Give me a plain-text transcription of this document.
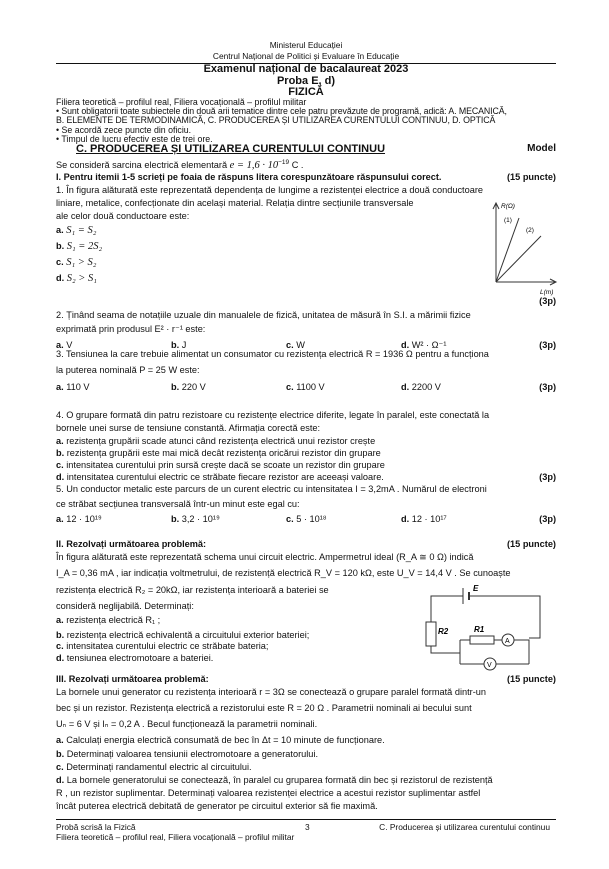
Ministerul Educației
Centrul Național de Politici și Evaluare în Educație
Examenul național de bacalaureat 2023
Proba E, d)
FIZICĂ
Filiera teoretică – profilul real, Filiera vocațională – profilul militar
• Sunt obligatorii toate subiectele din două arii tematice dintre cele patru prevăzute de programă, adică: A. MECANICĂ,
B. ELEMENTE DE TERMODINAMICĂ, C. PRODUCEREA ȘI UTILIZAREA CURENTULUI CONTINUU, D. OPTICĂ
• Se acordă zece puncte din oficiu.
• Timpul de lucru efectiv este de trei ore.
C. PRODUCEREA ȘI UTILIZAREA CURENTULUI CONTINUU	Model
Se consideră sarcina electrică elementară $e = 1,6 \cdot 10^{-19}$ C .
I. Pentru itemii 1-5 scrieți pe foaia de răspuns litera corespunzătoare răspunsului corect.	(15 puncte)
1. În figura alăturată este reprezentată dependența de lungime a rezistenței electrice a două conductoare
liniare, metalice, confecționate din același material. Relația dintre secțiunile transversale
ale celor două conductoare este:
a. S₁ = S₂
b. S₁ = 2S₂
c. S₁ > S₂
d. S₂ > S₁
R(Ω)
(1)
(2)
L(m)
(3p)
2. Ținând seama de notațiile uzuale din manualele de fizică, unitatea de măsură în S.I. a mărimii fizice
exprimată prin produsul E² · r⁻¹ este:
a. V	b. J	c. W	d. W² · Ω⁻¹	(3p)
3. Tensiunea la care trebuie alimentat un consumator cu rezistența electrică R = 1936 Ω pentru a funcționa
la puterea nominală P = 25 W este:
a. 110 V	b. 220 V	c. 1100 V	d. 2200 V	(3p)
4. O grupare formată din patru rezistoare cu rezistențe electrice diferite, legate în paralel, este conectată la
bornele unei surse de tensiune constantă. Afirmația corectă este:
a. rezistența grupării scade atunci când rezistența electrică unui rezistor crește
b. rezistența grupării este mai mică decât rezistența oricărui rezistor din grupare
c. intensitatea curentului prin sursă crește dacă se scoate un rezistor din grupare
d. intensitatea curentului electric ce străbate fiecare rezistor are aceeași valoare.	(3p)
5. Un conductor metalic este parcurs de un curent electric cu intensitatea I = 3,2mA . Numărul de electroni
ce străbat secțiunea transversală într-un minut este egal cu:
a. 12 · 10¹⁹	b. 3,2 · 10¹⁹	c. 5 · 10¹⁸	d. 12 · 10¹⁷	(3p)
II. Rezolvați următoarea problemă:	(15 puncte)
În figura alăturată este reprezentată schema unui circuit electric. Ampermetrul ideal (R_A ≅ 0 Ω) indică
I_A = 0,36 mA , iar indicația voltmetrului, de rezistență electrică R_V = 120 kΩ, este U_V = 14,4 V . Se cunoaște
rezistența electrică R₂ = 20kΩ, iar rezistența interioară a bateriei se
consideră neglijabilă. Determinați:
a. rezistența electrică R₁ ;
b. rezistența electrică echivalentă a circuitului exterior bateriei;
c. intensitatea curentului electric ce străbate bateria;
d. tensiunea electromotoare a bateriei.
E
R2	R1
A
V
III. Rezolvați următoarea problemă:	(15 puncte)
La bornele unui generator cu rezistența interioară r = 3Ω se conectează o grupare paralel formată dintr-un
bec și un rezistor. Rezistența electrică a rezistorului este R = 20 Ω . Parametrii nominali ai becului sunt
Uₙ = 6 V și Iₙ = 0,2 A . Becul funcționează la parametrii nominali.
a. Calculați energia electrică consumată de bec în Δt = 10 minute de funcționare.
b. Determinați valoarea tensiunii electromotoare a generatorului.
c. Determinați randamentul electric al circuitului.
d. La bornele generatorului se conectează, în paralel cu gruparea formată din bec și rezistorul de rezistență
R , un rezistor suplimentar. Determinați valoarea rezistenței electrice a acestui rezistor suplimentar astfel
încât puterea electrică debitată de generator pe circuitul exterior să fie maximă.
Probă scrisă la Fizică	3	C. Producerea și utilizarea curentului continuu
Filiera teoretică – profilul real, Filiera vocațională – profilul militar
